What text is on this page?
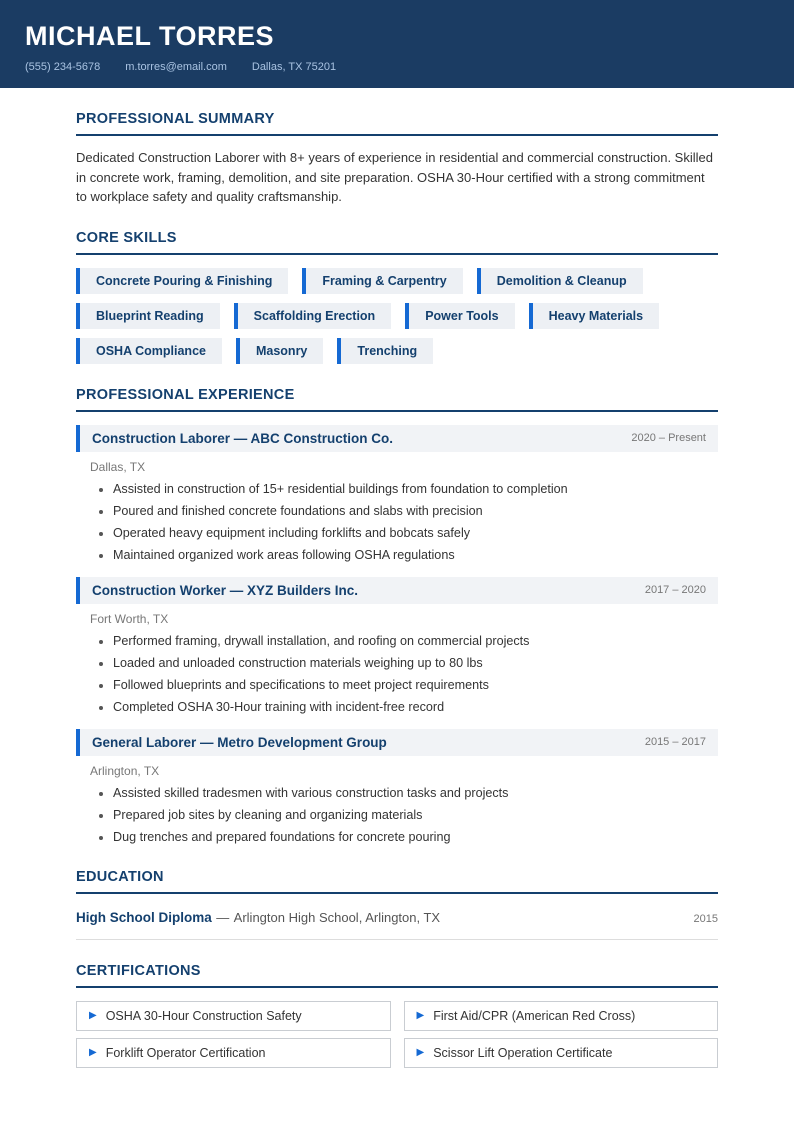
MICHAEL TORRES
(555) 234-5678 m.torres@email.com Dallas, TX 75201
PROFESSIONAL SUMMARY

Dedicated Construction Laborer with 8+ years of experience in residential and commercial construction. Skilled in concrete work, framing, demolition, and site preparation. OSHA 30-Hour certified with a strong commitment to workplace safety and quality craftsmanship.

CORE SKILLS
Concrete Pouring & Finishing	Framing & Carpentry	Demolition & Cleanup
Blueprint Reading	Scaffolding Erection	Power Tools	Heavy Materials
OSHA Compliance	Masonry	Trenching
PROFESSIONAL EXPERIENCE
Construction Laborer — ABC Construction Co.	2020 – Present
Dallas, TX
• Assisted in construction of 15+ residential buildings from foundation to completion
• Poured and finished concrete foundations and slabs with precision
• Operated heavy equipment including forklifts and bobcats safely
• Maintained organized work areas following OSHA regulations
Construction Worker — XYZ Builders Inc.	2017 – 2020
Fort Worth, TX
• Performed framing, drywall installation, and roofing on commercial projects
• Loaded and unloaded construction materials weighing up to 80 lbs
• Followed blueprints and specifications to meet project requirements
• Completed OSHA 30-Hour training with incident-free record
General Laborer — Metro Development Group	2015 – 2017
Arlington, TX
• Assisted skilled tradesmen with various construction tasks and projects
• Prepared job sites by cleaning and organizing materials
• Dug trenches and prepared foundations for concrete pouring
EDUCATION
High School Diploma — Arlington High School, Arlington, TX	2015
CERTIFICATIONS
▶ OSHA 30-Hour Construction Safety	▶ First Aid/CPR (American Red Cross)
▶ Forklift Operator Certification	▶ Scissor Lift Operation Certificate
